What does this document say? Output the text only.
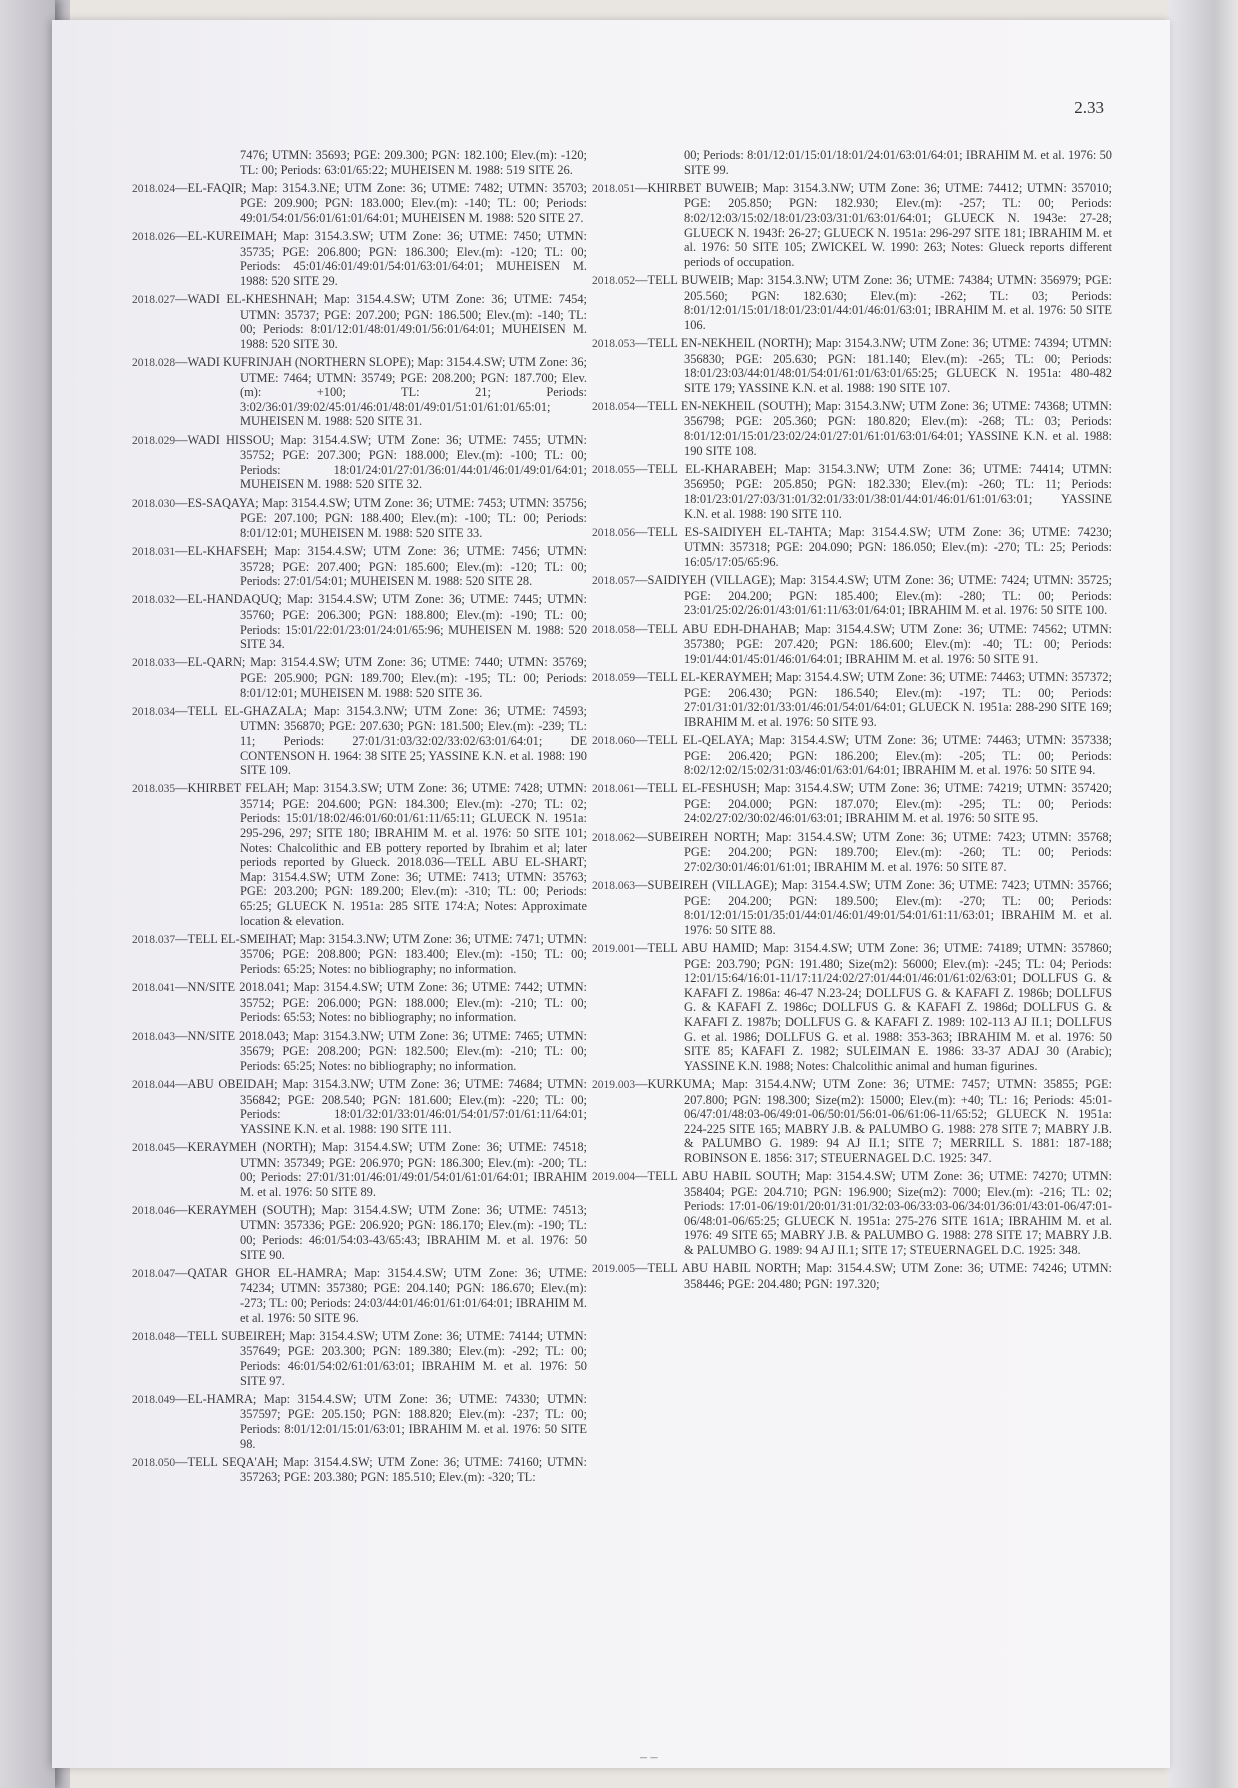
2.33
7476; UTMN: 35693; PGE: 209.300; PGN: 182.100; Elev.(m): -120; TL: 00; Periods: 63:01/65:22; MUHEISEN M. 1988: 519 SITE 26.
2018.024—EL-FAQIR; Map: 3154.3.NE; UTM Zone: 36; UTME: 7482; UTMN: 35703; PGE: 209.900; PGN: 183.000; Elev.(m): -140; TL: 00; Periods: 49:01/54:01/56:01/61:01/64:01; MUHEISEN M. 1988: 520 SITE 27.
2018.026—EL-KUREIMAH; Map: 3154.3.SW; UTM Zone: 36; UTME: 7450; UTMN: 35735; PGE: 206.800; PGN: 186.300; Elev.(m): -120; TL: 00; Periods: 45:01/46:01/49:01/54:01/63:01/64:01; MUHEISEN M. 1988: 520 SITE 29.
2018.027—WADI EL-KHESHNAH; Map: 3154.4.SW; UTM Zone: 36; UTME: 7454; UTMN: 35737; PGE: 207.200; PGN: 186.500; Elev.(m): -140; TL: 00; Periods: 8:01/12:01/48:01/49:01/56:01/64:01; MUHEISEN M. 1988: 520 SITE 30.
2018.028—WADI KUFRINJAH (NORTHERN SLOPE); Map: 3154.4.SW; UTM Zone: 36; UTME: 7464; UTMN: 35749; PGE: 208.200; PGN: 187.700; Elev.(m): +100; TL: 21; Periods: 3:02/36:01/39:02/45:01/46:01/48:01/49:01/51:01/61:01/65:01; MUHEISEN M. 1988: 520 SITE 31.
2018.029—WADI HISSOU; Map: 3154.4.SW; UTM Zone: 36; UTME: 7455; UTMN: 35752; PGE: 207.300; PGN: 188.000; Elev.(m): -100; TL: 00; Periods: 18:01/24:01/27:01/36:01/44:01/46:01/49:01/64:01; MUHEISEN M. 1988: 520 SITE 32.
2018.030—ES-SAQAYA; Map: 3154.4.SW; UTM Zone: 36; UTME: 7453; UTMN: 35756; PGE: 207.100; PGN: 188.400; Elev.(m): -100; TL: 00; Periods: 8:01/12:01; MUHEISEN M. 1988: 520 SITE 33.
2018.031—EL-KHAFSEH; Map: 3154.4.SW; UTM Zone: 36; UTME: 7456; UTMN: 35728; PGE: 207.400; PGN: 185.600; Elev.(m): -120; TL: 00; Periods: 27:01/54:01; MUHEISEN M. 1988: 520 SITE 28.
2018.032—EL-HANDAQUQ; Map: 3154.4.SW; UTM Zone: 36; UTME: 7445; UTMN: 35760; PGE: 206.300; PGN: 188.800; Elev.(m): -190; TL: 00; Periods: 15:01/22:01/23:01/24:01/65:96; MUHEISEN M. 1988: 520 SITE 34.
2018.033—EL-QARN; Map: 3154.4.SW; UTM Zone: 36; UTME: 7440; UTMN: 35769; PGE: 205.900; PGN: 189.700; Elev.(m): -195; TL: 00; Periods: 8:01/12:01; MUHEISEN M. 1988: 520 SITE 36.
2018.034—TELL EL-GHAZALA; Map: 3154.3.NW; UTM Zone: 36; UTME: 74593; UTMN: 356870; PGE: 207.630; PGN: 181.500; Elev.(m): -239; TL: 11; Periods: 27:01/31:03/32:02/33:02/63:01/64:01; DE CONTENSON H. 1964: 38 SITE 25; YASSINE K.N. et al. 1988: 190 SITE 109.
2018.035—KHIRBET FELAH; Map: 3154.3.SW; UTM Zone: 36; UTME: 7428; UTMN: 35714; PGE: 204.600; PGN: 184.300; Elev.(m): -270; TL: 02; Periods: 15:01/18:02/46:01/60:01/61:11/65:11; GLUECK N. 1951a: 295-296, 297; SITE 180; IBRAHIM M. et al. 1976: 50 SITE 101; Notes: Chalcolithic and EB pottery reported by Ibrahim et al; later periods reported by Glueck. 2018.036—TELL ABU EL-SHART; Map: 3154.4.SW; UTM Zone: 36; UTME: 7413; UTMN: 35763; PGE: 203.200; PGN: 189.200; Elev.(m): -310; TL: 00; Periods: 65:25; GLUECK N. 1951a: 285 SITE 174:A; Notes: Approximate location & elevation.
2018.037—TELL EL-SMEIHAT; Map: 3154.3.NW; UTM Zone: 36; UTME: 7471; UTMN: 35706; PGE: 208.800; PGN: 183.400; Elev.(m): -150; TL: 00; Periods: 65:25; Notes: no bibliography; no information.
2018.041—NN/SITE 2018.041; Map: 3154.4.SW; UTM Zone: 36; UTME: 7442; UTMN: 35752; PGE: 206.000; PGN: 188.000; Elev.(m): -210; TL: 00; Periods: 65:53; Notes: no bibliography; no information.
2018.043—NN/SITE 2018.043; Map: 3154.3.NW; UTM Zone: 36; UTME: 7465; UTMN: 35679; PGE: 208.200; PGN: 182.500; Elev.(m): -210; TL: 00; Periods: 65:25; Notes: no bibliography; no information.
2018.044—ABU OBEIDAH; Map: 3154.3.NW; UTM Zone: 36; UTME: 74684; UTMN: 356842; PGE: 208.540; PGN: 181.600; Elev.(m): -220; TL: 00; Periods: 18:01/32:01/33:01/46:01/54:01/57:01/61:11/64:01; YASSINE K.N. et al. 1988: 190 SITE 111.
2018.045—KERAYMEH (NORTH); Map: 3154.4.SW; UTM Zone: 36; UTME: 74518; UTMN: 357349; PGE: 206.970; PGN: 186.300; Elev.(m): -200; TL: 00; Periods: 27:01/31:01/46:01/49:01/54:01/61:01/64:01; IBRAHIM M. et al. 1976: 50 SITE 89.
2018.046—KERAYMEH (SOUTH); Map: 3154.4.SW; UTM Zone: 36; UTME: 74513; UTMN: 357336; PGE: 206.920; PGN: 186.170; Elev.(m): -190; TL: 00; Periods: 46:01/54:03-43/65:43; IBRAHIM M. et al. 1976: 50 SITE 90.
2018.047—QATAR GHOR EL-HAMRA; Map: 3154.4.SW; UTM Zone: 36; UTME: 74234; UTMN: 357380; PGE: 204.140; PGN: 186.670; Elev.(m): -273; TL: 00; Periods: 24:03/44:01/46:01/61:01/64:01; IBRAHIM M. et al. 1976: 50 SITE 96.
2018.048—TELL SUBEIREH; Map: 3154.4.SW; UTM Zone: 36; UTME: 74144; UTMN: 357649; PGE: 203.300; PGN: 189.380; Elev.(m): -292; TL: 00; Periods: 46:01/54:02/61:01/63:01; IBRAHIM M. et al. 1976: 50 SITE 97.
2018.049—EL-HAMRA; Map: 3154.4.SW; UTM Zone: 36; UTME: 74330; UTMN: 357597; PGE: 205.150; PGN: 188.820; Elev.(m): -237; TL: 00; Periods: 8:01/12:01/15:01/63:01; IBRAHIM M. et al. 1976: 50 SITE 98.
2018.050—TELL SEQA'AH; Map: 3154.4.SW; UTM Zone: 36; UTME: 74160; UTMN: 357263; PGE: 203.380; PGN: 185.510; Elev.(m): -320; TL:
00; Periods: 8:01/12:01/15:01/18:01/24:01/63:01/64:01; IBRAHIM M. et al. 1976: 50 SITE 99.
2018.051—KHIRBET BUWEIB; Map: 3154.3.NW; UTM Zone: 36; UTME: 74412; UTMN: 357010; PGE: 205.850; PGN: 182.930; Elev.(m): -257; TL: 00; Periods: 8:02/12:03/15:02/18:01/23:03/31:01/63:01/64:01; GLUECK N. 1943e: 27-28; GLUECK N. 1943f: 26-27; GLUECK N. 1951a: 296-297 SITE 181; IBRAHIM M. et al. 1976: 50 SITE 105; ZWICKEL W. 1990: 263; Notes: Glueck reports different periods of occupation.
2018.052—TELL BUWEIB; Map: 3154.3.NW; UTM Zone: 36; UTME: 74384; UTMN: 356979; PGE: 205.560; PGN: 182.630; Elev.(m): -262; TL: 03; Periods: 8:01/12:01/15:01/18:01/23:01/44:01/46:01/63:01; IBRAHIM M. et al. 1976: 50 SITE 106.
2018.053—TELL EN-NEKHEIL (NORTH); Map: 3154.3.NW; UTM Zone: 36; UTME: 74394; UTMN: 356830; PGE: 205.630; PGN: 181.140; Elev.(m): -265; TL: 00; Periods: 18:01/23:03/44:01/48:01/54:01/61:01/63:01/65:25; GLUECK N. 1951a: 480-482 SITE 179; YASSINE K.N. et al. 1988: 190 SITE 107.
2018.054—TELL EN-NEKHEIL (SOUTH); Map: 3154.3.NW; UTM Zone: 36; UTME: 74368; UTMN: 356798; PGE: 205.360; PGN: 180.820; Elev.(m): -268; TL: 03; Periods: 8:01/12:01/15:01/23:02/24:01/27:01/61:01/63:01/64:01; YASSINE K.N. et al. 1988: 190 SITE 108.
2018.055—TELL EL-KHARABEH; Map: 3154.3.NW; UTM Zone: 36; UTME: 74414; UTMN: 356950; PGE: 205.850; PGN: 182.330; Elev.(m): -260; TL: 11; Periods: 18:01/23:01/27:03/31:01/32:01/33:01/38:01/44:01/46:01/61:01/63:01; YASSINE K.N. et al. 1988: 190 SITE 110.
2018.056—TELL ES-SAIDIYEH EL-TAHTA; Map: 3154.4.SW; UTM Zone: 36; UTME: 74230; UTMN: 357318; PGE: 204.090; PGN: 186.050; Elev.(m): -270; TL: 25; Periods: 16:05/17:05/65:96.
2018.057—SAIDIYEH (VILLAGE); Map: 3154.4.SW; UTM Zone: 36; UTME: 7424; UTMN: 35725; PGE: 204.200; PGN: 185.400; Elev.(m): -280; TL: 00; Periods: 23:01/25:02/26:01/43:01/61:11/63:01/64:01; IBRAHIM M. et al. 1976: 50 SITE 100.
2018.058—TELL ABU EDH-DHAHAB; Map: 3154.4.SW; UTM Zone: 36; UTME: 74562; UTMN: 357380; PGE: 207.420; PGN: 186.600; Elev.(m): -40; TL: 00; Periods: 19:01/44:01/45:01/46:01/64:01; IBRAHIM M. et al. 1976: 50 SITE 91.
2018.059—TELL EL-KERAYMEH; Map: 3154.4.SW; UTM Zone: 36; UTME: 74463; UTMN: 357372; PGE: 206.430; PGN: 186.540; Elev.(m): -197; TL: 00; Periods: 27:01/31:01/32:01/33:01/46:01/54:01/64:01; GLUECK N. 1951a: 288-290 SITE 169; IBRAHIM M. et al. 1976: 50 SITE 93.
2018.060—TELL EL-QELAYA; Map: 3154.4.SW; UTM Zone: 36; UTME: 74463; UTMN: 357338; PGE: 206.420; PGN: 186.200; Elev.(m): -205; TL: 00; Periods: 8:02/12:02/15:02/31:03/46:01/63:01/64:01; IBRAHIM M. et al. 1976: 50 SITE 94.
2018.061—TELL EL-FESHUSH; Map: 3154.4.SW; UTM Zone: 36; UTME: 74219; UTMN: 357420; PGE: 204.000; PGN: 187.070; Elev.(m): -295; TL: 00; Periods: 24:02/27:02/30:02/46:01/63:01; IBRAHIM M. et al. 1976: 50 SITE 95.
2018.062—SUBEIREH NORTH; Map: 3154.4.SW; UTM Zone: 36; UTME: 7423; UTMN: 35768; PGE: 204.200; PGN: 189.700; Elev.(m): -260; TL: 00; Periods: 27:02/30:01/46:01/61:01; IBRAHIM M. et al. 1976: 50 SITE 87.
2018.063—SUBEIREH (VILLAGE); Map: 3154.4.SW; UTM Zone: 36; UTME: 7423; UTMN: 35766; PGE: 204.200; PGN: 189.500; Elev.(m): -270; TL: 00; Periods: 8:01/12:01/15:01/35:01/44:01/46:01/49:01/54:01/61:11/63:01; IBRAHIM M. et al. 1976: 50 SITE 88.
2019.001—TELL ABU HAMID; Map: 3154.4.SW; UTM Zone: 36; UTME: 74189; UTMN: 357860; PGE: 203.790; PGN: 191.480; Size(m2): 56000; Elev.(m): -245; TL: 04; Periods: 12:01/15:64/16:01-11/17:11/24:02/27:01/44:01/46:01/61:02/63:01; DOLLFUS G. & KAFAFI Z. 1986a: 46-47 N.23-24; DOLLFUS G. & KAFAFI Z. 1986b; DOLLFUS G. & KAFAFI Z. 1986c; DOLLFUS G. & KAFAFI Z. 1986d; DOLLFUS G. & KAFAFI Z. 1987b; DOLLFUS G. & KAFAFI Z. 1989: 102-113 AJ II.1; DOLLFUS G. et al. 1986; DOLLFUS G. et al. 1988: 353-363; IBRAHIM M. et al. 1976: 50 SITE 85; KAFAFI Z. 1982; SULEIMAN E. 1986: 33-37 ADAJ 30 (Arabic); YASSINE K.N. 1988; Notes: Chalcolithic animal and human figurines.
2019.003—KURKUMA; Map: 3154.4.NW; UTM Zone: 36; UTME: 7457; UTMN: 35855; PGE: 207.800; PGN: 198.300; Size(m2): 15000; Elev.(m): +40; TL: 16; Periods: 45:01-06/47:01/48:03-06/49:01-06/50:01/56:01-06/61:06-11/65:52; GLUECK N. 1951a: 224-225 SITE 165; MABRY J.B. & PALUMBO G. 1988: 278 SITE 7; MABRY J.B. & PALUMBO G. 1989: 94 AJ II.1; SITE 7; MERRILL S. 1881: 187-188; ROBINSON E. 1856: 317; STEUERNAGEL D.C. 1925: 347.
2019.004—TELL ABU HABIL SOUTH; Map: 3154.4.SW; UTM Zone: 36; UTME: 74270; UTMN: 358404; PGE: 204.710; PGN: 196.900; Size(m2): 7000; Elev.(m): -216; TL: 02; Periods: 17:01-06/19:01/20:01/31:01/32:03-06/33:03-06/34:01/36:01/43:01-06/47:01-06/48:01-06/65:25; GLUECK N. 1951a: 275-276 SITE 161A; IBRAHIM M. et al. 1976: 49 SITE 65; MABRY J.B. & PALUMBO G. 1988: 278 SITE 17; MABRY J.B. & PALUMBO G. 1989: 94 AJ II.1; SITE 17; STEUERNAGEL D.C. 1925: 348.
2019.005—TELL ABU HABIL NORTH; Map: 3154.4.SW; UTM Zone: 36; UTME: 74246; UTMN: 358446; PGE: 204.480; PGN: 197.320;
– –
